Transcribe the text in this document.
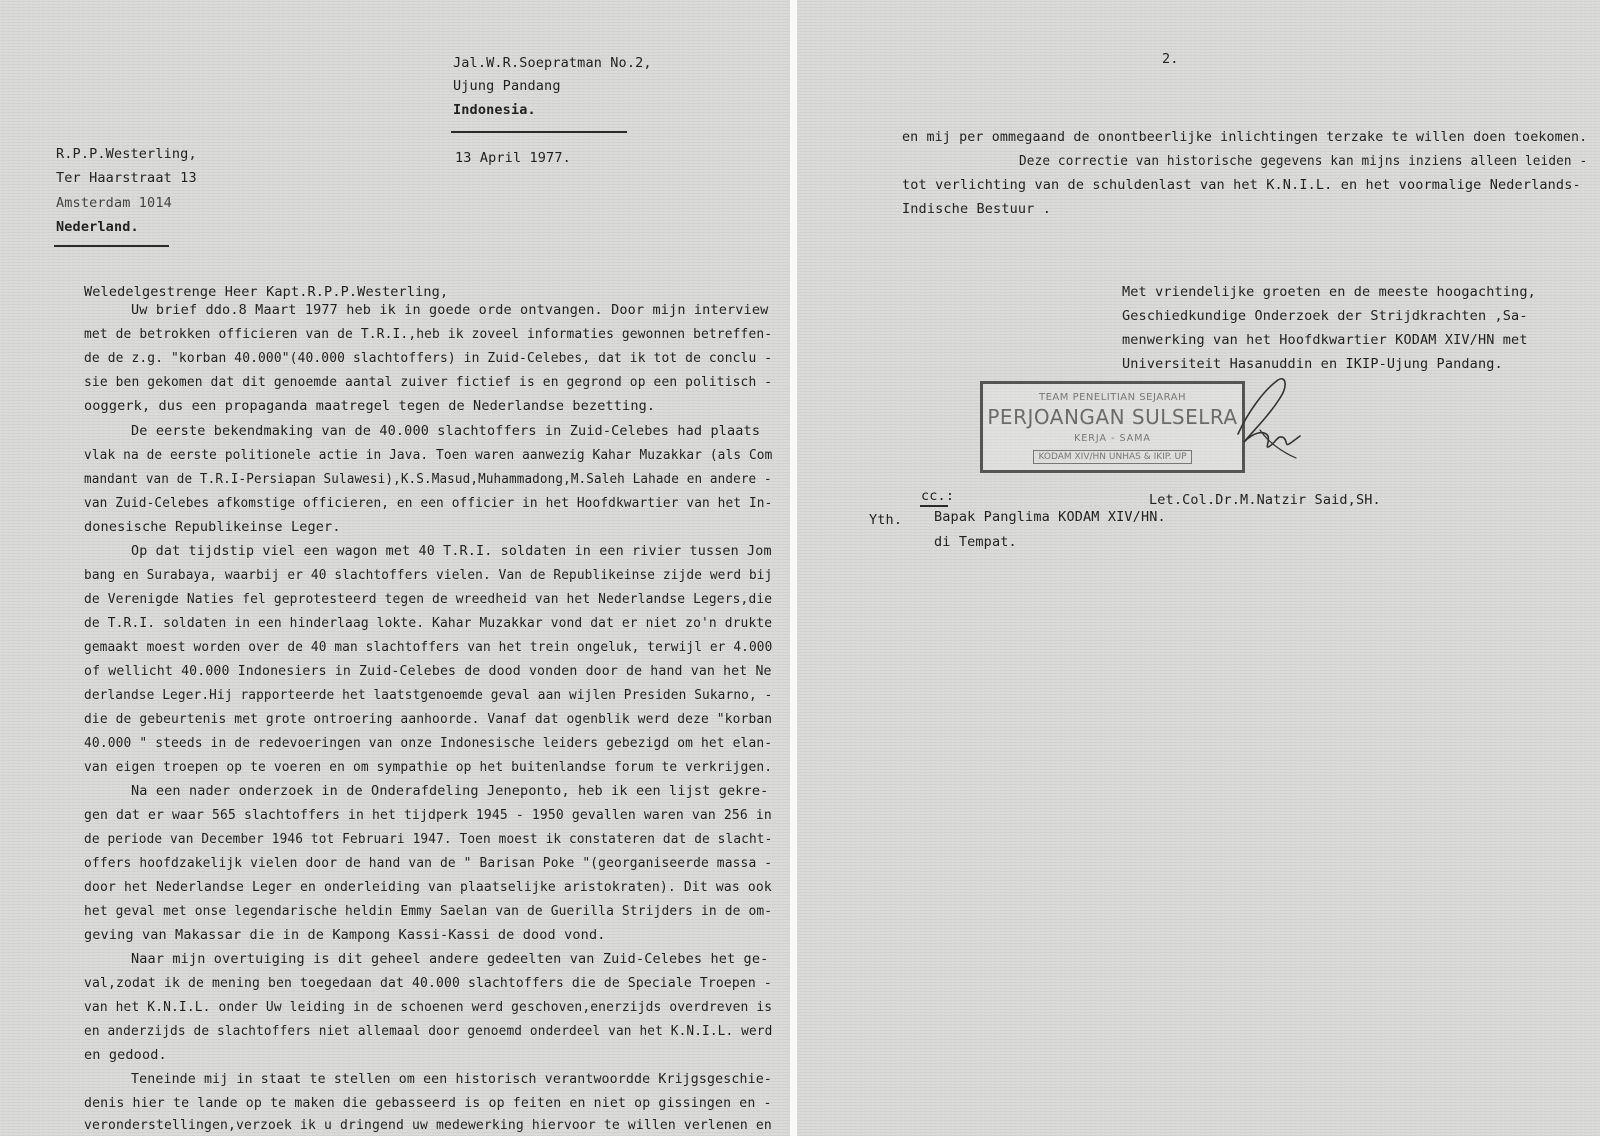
Jal.W.R.Soepratman No.2,
Ujung Pandang
Indonesia.
13 April 1977.
R.P.P.Westerling,
Ter Haarstraat 13
Amsterdam 1014
Nederland.
Weledelgestrenge Heer Kapt.R.P.P.Westerling,
Uw brief ddo.8 Maart 1977 heb ik in goede orde ontvangen. Door mijn interview
met de betrokken officieren van de T.R.I.,heb ik zoveel informaties gewonnen betreffen-
de de z.g. "korban 40.000"(40.000 slachtoffers) in Zuid-Celebes, dat ik tot de conclu -
sie ben gekomen dat dit genoemde aantal zuiver fictief is en gegrond op een politisch -
ooggerk, dus een propaganda maatregel tegen de Nederlandse bezetting.
De eerste bekendmaking van de 40.000 slachtoffers in Zuid-Celebes had plaats
vlak na de eerste politionele actie in Java. Toen waren aanwezig Kahar Muzakkar (als Com
mandant van de T.R.I-Persiapan Sulawesi),K.S.Masud,Muhammadong,M.Saleh Lahade en andere -
van Zuid-Celebes afkomstige officieren, en een officier in het Hoofdkwartier van het In-
donesische Republikeinse Leger.
Op dat tijdstip viel een wagon met 40 T.R.I. soldaten in een rivier tussen Jom
bang en Surabaya, waarbij er 40 slachtoffers vielen. Van de Republikeinse zijde werd bij
de Verenigde Naties fel geprotesteerd tegen de wreedheid van het Nederlandse Legers,die
de T.R.I. soldaten in een hinderlaag lokte. Kahar Muzakkar vond dat er niet zo'n drukte
gemaakt moest worden over de 40 man slachtoffers van het trein ongeluk, terwijl er 4.000
of wellicht 40.000 Indonesiers in Zuid-Celebes de dood vonden door de hand van het Ne
derlandse Leger.Hij rapporteerde het laatstgenoemde geval aan wijlen Presiden Sukarno, -
die de gebeurtenis met grote ontroering aanhoorde. Vanaf dat ogenblik werd deze "korban
40.000 " steeds in de redevoeringen van onze Indonesische leiders gebezigd om het elan-
van eigen troepen op te voeren en om sympathie op het buitenlandse forum te verkrijgen.
Na een nader onderzoek in de Onderafdeling Jeneponto, heb ik een lijst gekre-
gen dat er waar 565 slachtoffers in het tijdperk 1945 - 1950 gevallen waren van 256 in
de periode van December 1946 tot Februari 1947. Toen moest ik constateren dat de slacht-
offers hoofdzakelijk vielen door de hand van de " Barisan Poke "(georganiseerde massa -
door het Nederlandse Leger en onderleiding van plaatselijke aristokraten). Dit was ook
het geval met onse legendarische heldin Emmy Saelan van de Guerilla Strijders in de om-
geving van Makassar die in de Kampong Kassi-Kassi de dood vond.
Naar mijn overtuiging is dit geheel andere gedeelten van Zuid-Celebes het ge-
val,zodat ik de mening ben toegedaan dat 40.000 slachtoffers die de Speciale Troepen -
van het K.N.I.L. onder Uw leiding in de schoenen werd geschoven,enerzijds overdreven is
en anderzijds de slachtoffers niet allemaal door genoemd onderdeel van het K.N.I.L. werd
en gedood.
Teneinde mij in staat te stellen om een historisch verantwoordde Krijgsgeschie-
denis hier te lande op te maken die gebasseerd is op feiten en niet op gissingen en -
veronderstellingen,verzoek ik u dringend uw medewerking hiervoor te willen verlenen en
2.
en mij per ommegaand de onontbeerlijke inlichtingen terzake te willen doen toekomen.
Deze correctie van historische gegevens kan mijns inziens alleen leiden -
tot verlichting van de schuldenlast van het K.N.I.L. en het voormalige Nederlands-
Indische Bestuur .
Met vriendelijke groeten en de meeste hoogachting,
Geschiedkundige Onderzoek der Strijdkrachten ,Sa-
menwerking van het Hoofdkwartier KODAM XIV/HN met
Universiteit Hasanuddin en IKIP-Ujung Pandang.
cc.:
Yth. Bapak Panglima KODAM XIV/HN.
di Tempat.
Let.Col.Dr.M.Natzir Said,SH.
TEAM PENELITIAN SEJARAH
PERJOANGAN SULSELRA
KERJA - SAMA
KODAM XIV/HN UNHAS & IKIP. UP
